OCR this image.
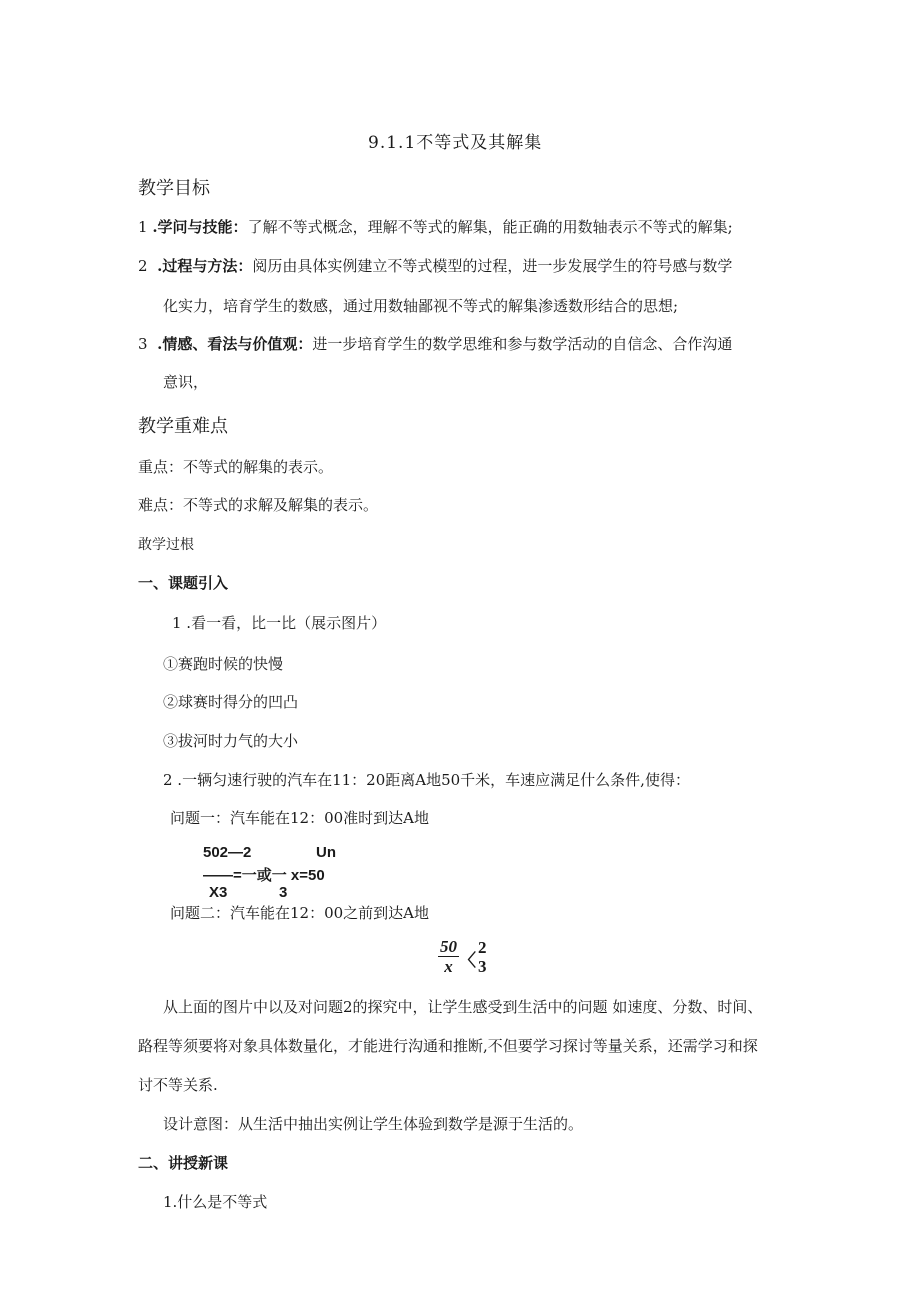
9.1.1不等式及其解集
教学目标
1 .学问与技能：了解不等式概念，理解不等式的解集，能正确的用数轴表示不等式的解集;
2 .过程与方法：阅历由具体实例建立不等式模型的过程，进一步发展学生的符号感与数学
化实力，培育学生的数感，通过用数轴鄙视不等式的解集渗透数形结合的思想;
3 .情感、看法与价值观：进一步培育学生的数学思维和参与数学活动的自信念、合作沟通
意识，
教学重难点
重点：不等式的解集的表示。
难点：不等式的求解及解集的表示。
敢学过根
一、课题引入
1 .看一看，比一比（展示图片）
①赛跑时候的快慢
②球赛时得分的凹凸
③拔河时力气的大小
2 .一辆匀速行驶的汽车在11：20距离A地50千米，车速应满足什么条件,使得：
问题一：汽车能在12：00准时到达A地
502—2	Un
——=一或一 x=50
X3	3
问题二：汽车能在12：00之前到达A地
$\frac{50}{x}$ 〈
2
3
从上面的图片中以及对问题2的探究中，让学生感受到生活中的问题 如速度、分数、时间、
路程等须要将对象具体数量化，才能进行沟通和推断,不但要学习探讨等量关系，还需学习和探
讨不等关系.
设计意图：从生活中抽出实例让学生体验到数学是源于生活的。
二、讲授新课
1.什么是不等式
